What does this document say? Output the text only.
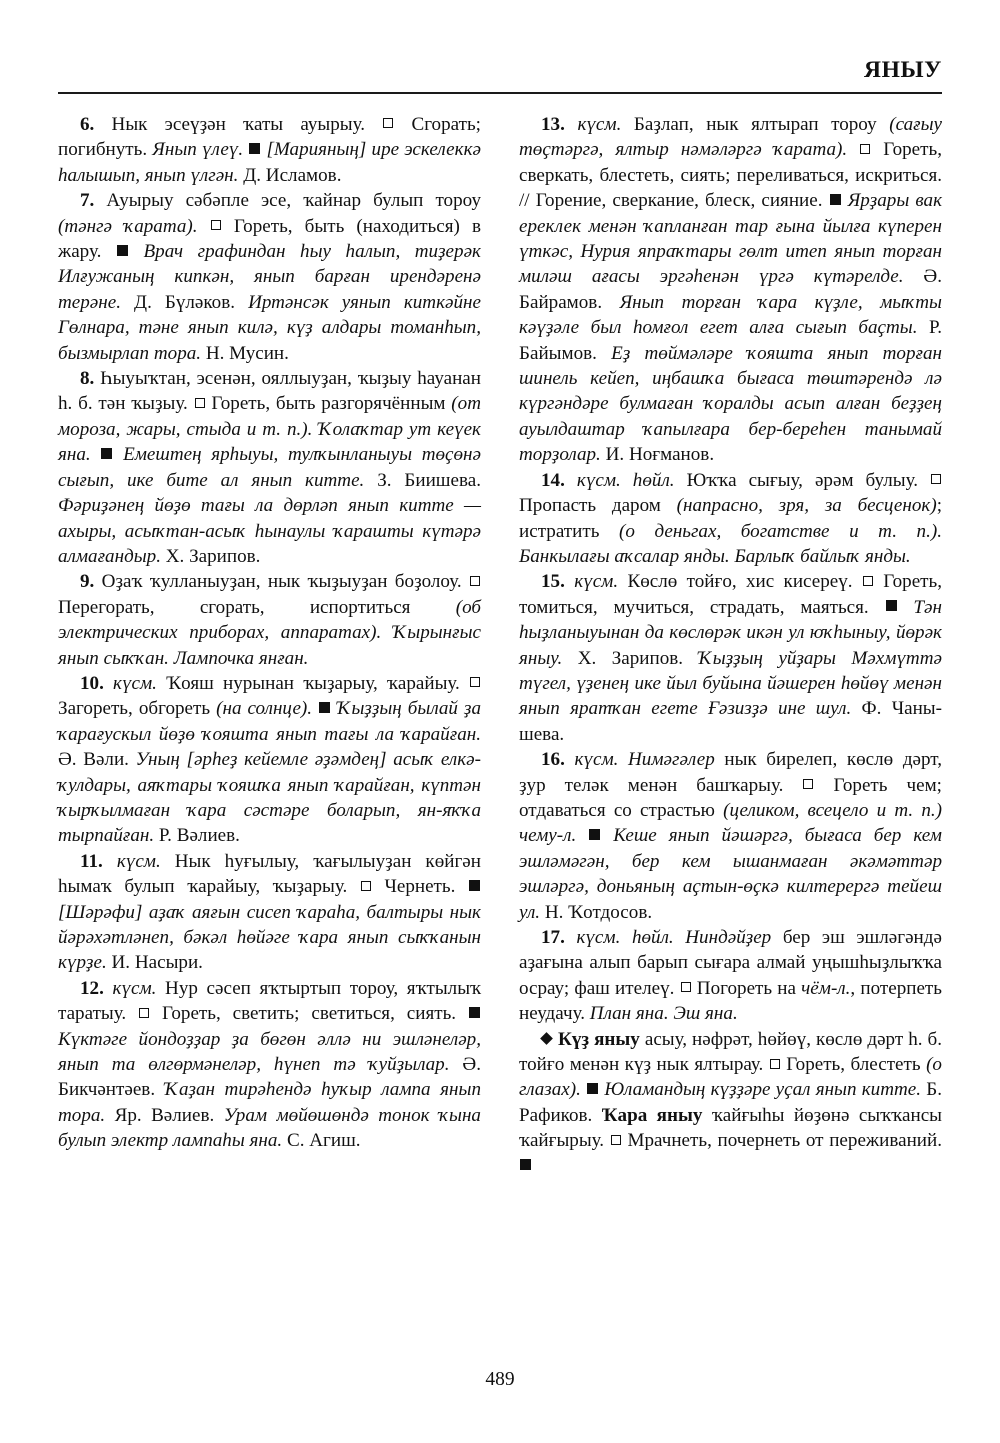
ЯНЫУ

6. Нык эсеүҙән ҡаты ауырыу.  Сгорать; погибнуть. Янып үлеү. [Марияның] ире эскелеккә һалышып, янып үлгән. Д. Исламов.

7. Ауырыу сәбәпле эсе, ҡайнар булып тороу (тәнгә ҡарата).  Гореть, быть (находиться) в жару.  Врач графиндан һыу һалып, тиҙерәк Илғужаның кипкән, янып барған ирендәренә терәне. Д. Бүләков. Иртәнсәк уянып киткәйне Гөлнара, тәне янып килә, күҙ алдары томанһып, бызмырлап тора. Н. Мусин.

8. Һыуыҡтан, эсенән, ояллыуҙан, ҡыҙыу һауанан һ. б. тән ҡыҙыу.  Гореть, быть разгорячённым (от мороза, жары, стыда и т. п.). Ҡолаҡтар ут кеүек яна. Емештең ярһыуы, тулҡынланыуы төҫөнә сығып, ике бите ал янып китте. З. Биишева. Фәриҙәнең йөҙө тағы ла дөрләп янып китте — ахыры, асыҡтан-асыҡ һынаулы ҡарашты күтәрә алмағандыр. Х. Зарипов.

9. Оҙаҡ ҡулланыуҙан, нык ҡыҙыуҙан боҙолоу.  Перегорать, сгорать, испортиться (об электрических приборах, аппаратах). Ҡырынғыс янып сыҡҡан. Лампочка янған.

10. күсм. Ҡояш нурынан ҡыҙарыу, ҡарайыу.  Загореть, обгореть (на солнце). Ҡыҙҙың былай ҙа ҡарағускыл йөҙө ҡояшта янып тағы ла ҡарайған. Ә. Вәли. Уның [әрһеҙ кейемле әҙәмдең] асыҡ елкә-ҡулдары, аяҡтары ҡояшҡа янып ҡарайған, күптән ҡырҡылмаған ҡара сәстәре боларып, ян-яҡҡа тырпайған. Р. Вәлиев.

11. күсм. Нык һуғылыу, ҡағылыуҙан көйгән һымаҡ булып ҡарайыу, ҡыҙарыу.  Чернеть.  [Шәрәфи] аҙаҡ аяғын сисеп ҡараһа, балтыры нык йәрәхәтләнеп, бәкәл һөйәге ҡара янып сыҡҡанын күрҙе. И. Насыри.

12. күсм. Нур сәсеп яҡтыртып тороу, яҡтылыҡ таратыу.  Гореть, светить; светиться, сиять.  Күктәге йондоҙҙар ҙа бөгөн әллә ни эшләнеләр, янып та өлгөрмәнеләр, һүнеп тә ҡуйҙылар. Ә. Бикчәнтәев. Ҡаҙан тирәһендә һуҡыр лампа янып тора. Яр. Вәлиев. Урам мөйөшөндә тонок ҡына булып электр лампаһы яна. С. Агиш.

13. күсм. Баҙлап, нык ялтырап тороу (сағыу төҫтәргә, ялтыр нәмәләргә ҡарата).  Гореть, сверкать, блестеть, сиять; переливаться, искриться. // Горение, сверкание, блеск, сияние.  Ярҙары вак ереклек менән ҡапланған тар ғына йылға күперен үткәс, Нурия япраҡтары гөлт итеп янып торған миләш ағасы эргәһенән үргә күтәрелде. Ә. Байрамов. Янып торған ҡара күҙле, мыҡты кәүҙәле был һомғол егет алға сығып баҫты. Р. Байымов. Еҙ төймәләре ҡояшта янып торған шинель кейеп, иңбашҡа бығаса төштәрендә лә күргәндәре булмаған ҡоралды асып алған беҙҙең ауылдаштар ҡапылғара бер-береһен танымай торҙолар. И. Ноғманов.

14. күсм. һөйл. Юҡҡа сығыу, әрәм булыу.  Пропасть даром (напрасно, зря, за бесценок); истратить (о деньгах, богатстве и т. п.). Банкылағы аҡсалар янды. Барлыҡ байлыҡ янды.

15. күсм. Көслө тойғо, хис кисереү.  Гореть, томиться, мучиться, страдать, маяться.  Тән һыҙланыуынан да көслөрәк икән ул юҡһыныу, йөрәк яныу. Х. Зарипов. Ҡыҙҙың уйҙары Мәхмүттә түгел, үҙенең ике йыл буйына йәшерен һөйөү менән янып яратҡан егете Ғәзизҙә ине шул. Ф. Чанышева.

16. күсм. Нимәгәлер нык бирелеп, көслө дәрт, ҙур теләк менән башҡарыу.  Гореть чем; отдаваться со страстью (целиком, всецело и т. п.) чему-л. Кеше янып йәшәргә, бығаса бер кем эшләмәгән, бер кем ышанмаған әкәмәттәр эшләргә, доньяның аҫтын-өҫкә килтерергә тейеш ул. Н. Ҡотдосов.

17. күсм. һөйл. Ниндәйҙер бер эш эшләгәндә аҙағына алып барып сығара алмай уңышһыҙлыҡҡа осрау; фаш ителеү.  Погореть на чём-л., потерпеть неудачу. План яна. Эш яна.

Күҙ яныу асыу, нәфрәт, һөйөү, көслө дәрт һ. б. тойғо менән күҙ нык ялтырау.  Гореть, блестеть (о глазах). Юламандың күҙҙәре уҫал янып китте. Б. Рафиков. Ҡара яныу ҡайғыһы йөҙөнә сыҡҡансы ҡайғырыу.  Мрачнеть, почернеть от переживаний.

489
